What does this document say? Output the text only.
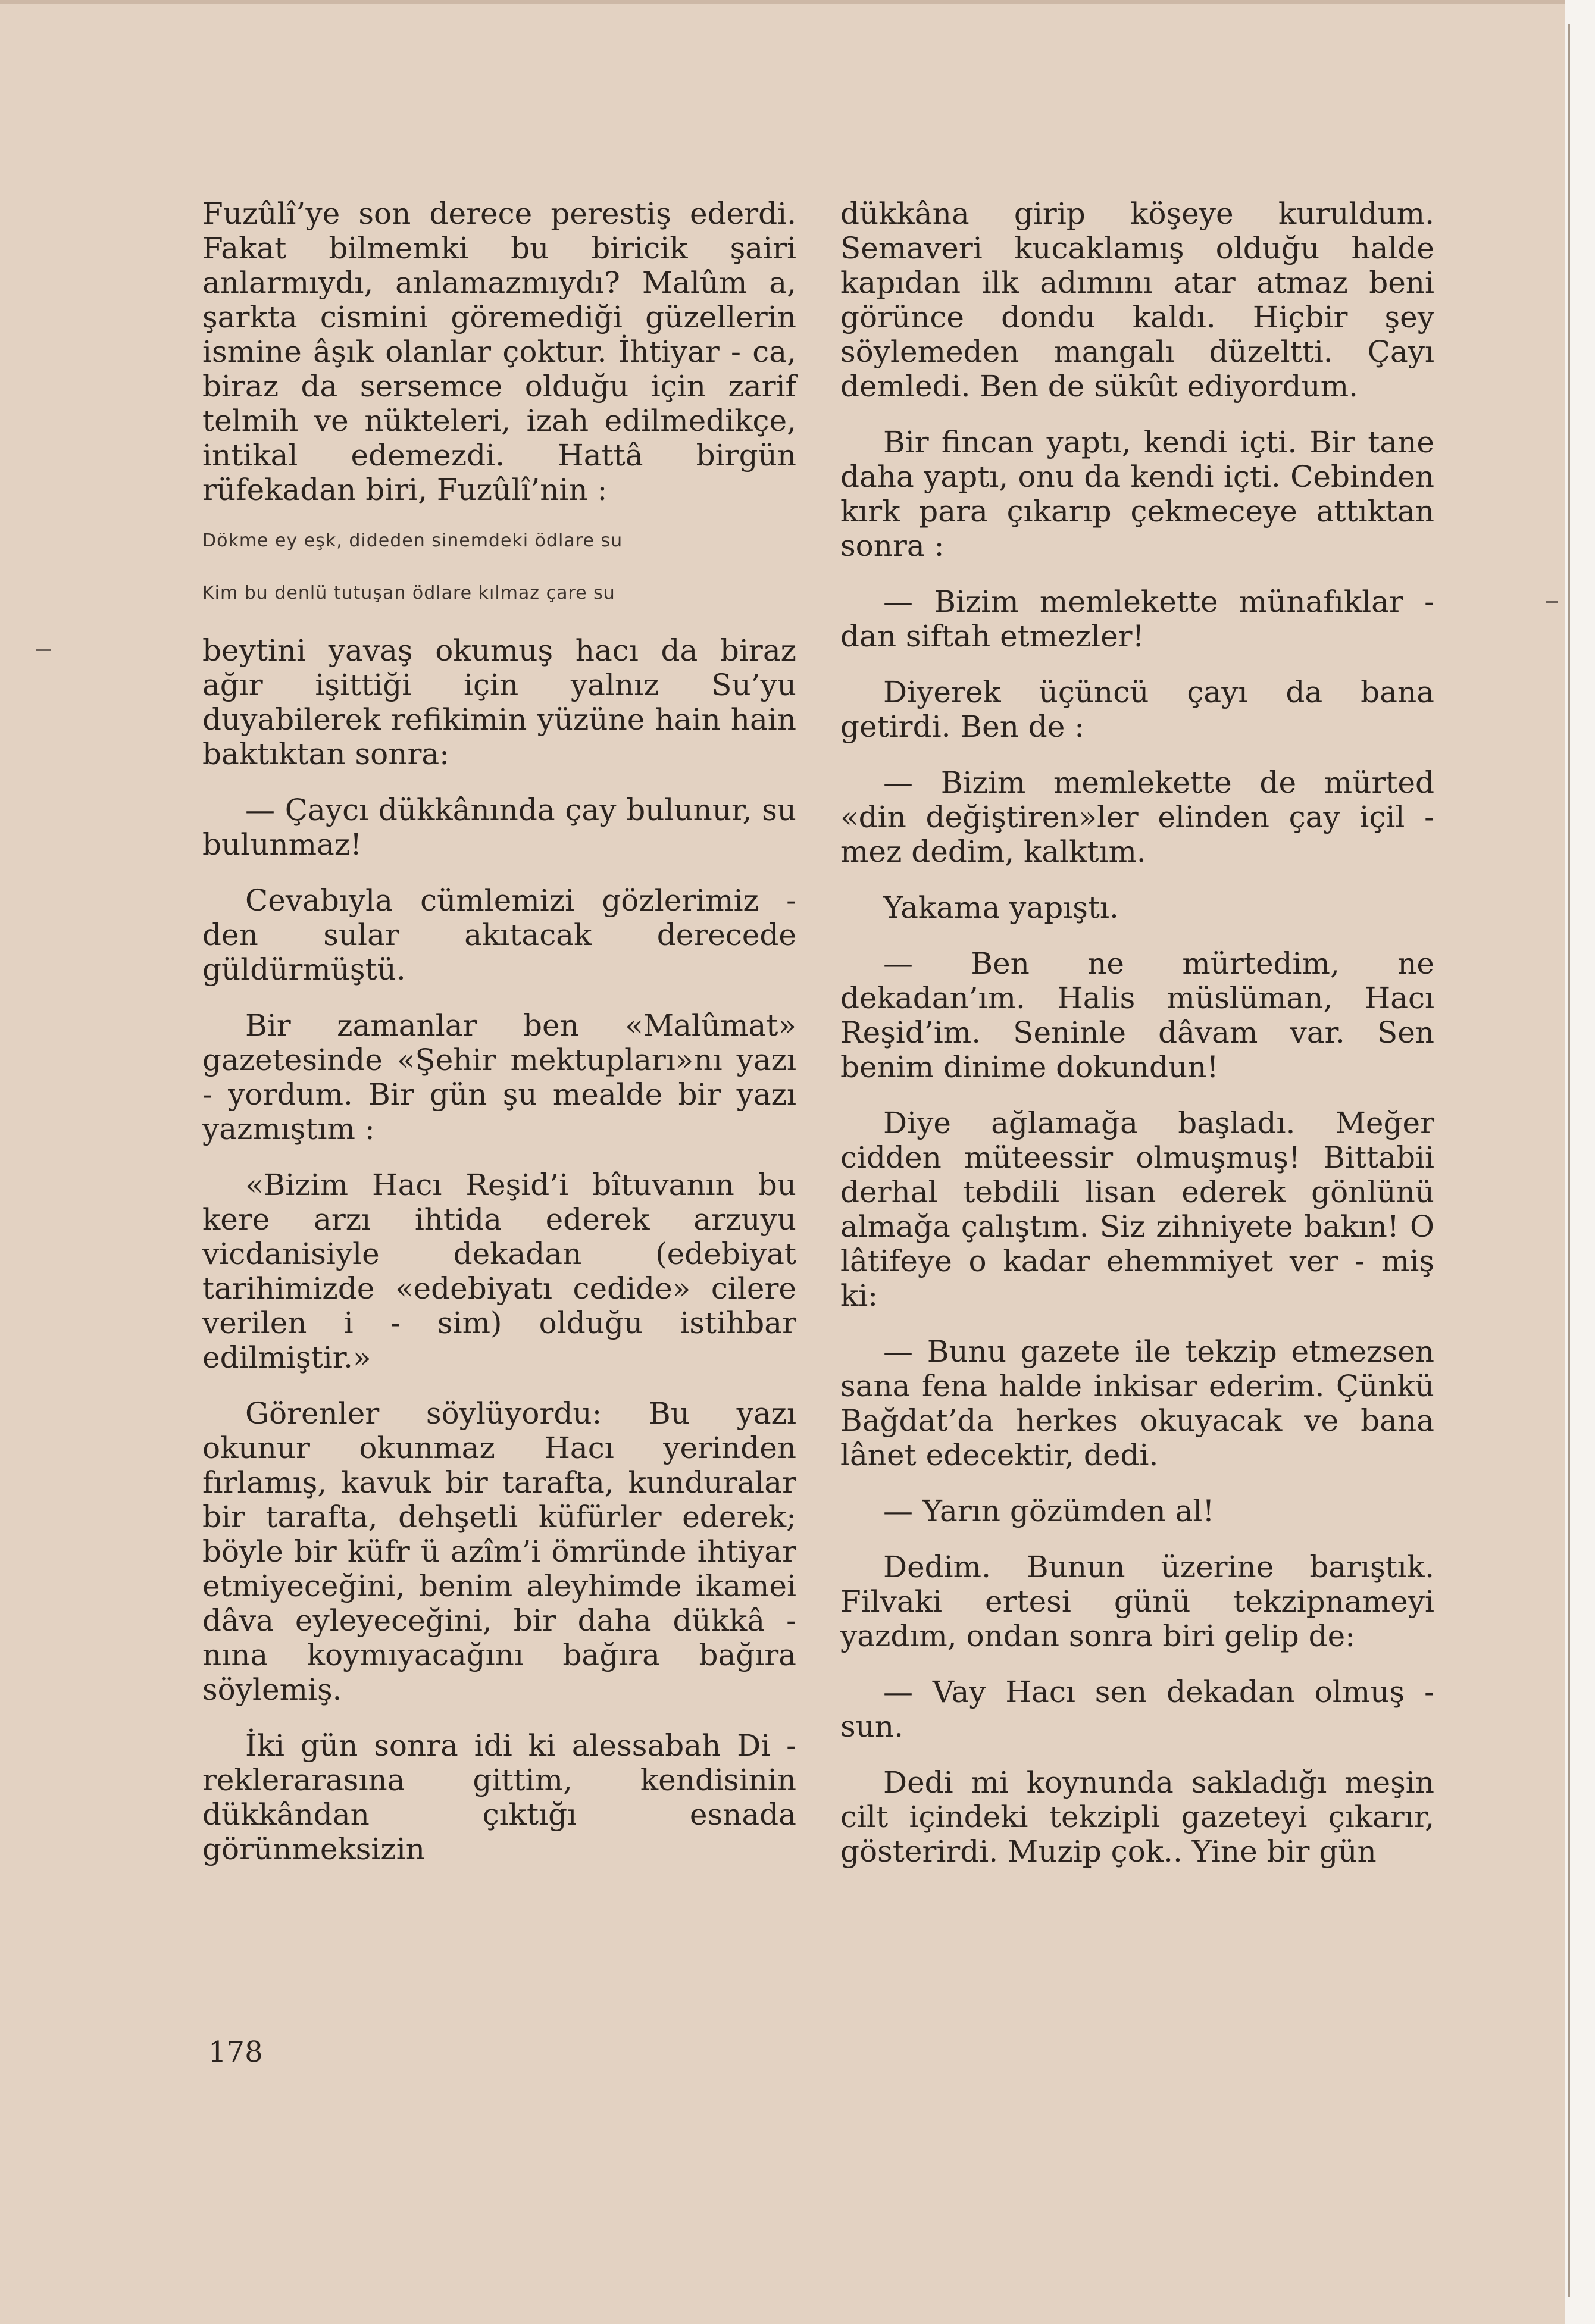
Fuzûlî’ye son derece perestiş ederdi. Fakat bilmemki bu biricik şairi anlarmıydı, anlamazmıydı? Malûm a, şarkta cismini göremediği güzellerin ismine âşık olanlar çoktur. İhtiyar - ca, biraz da sersemce olduğu için zarif telmih ve nükteleri, izah edilmedikçe, intikal edemezdi. Hattâ birgün rüfekadan biri, Fuzûlî’nin :

Dökme ey eşk, dideden sinemdeki ödlare su
Kim bu denlü tutuşan ödlare kılmaz çare su

beytini yavaş okumuş hacı da biraz ağır işittiği için yalnız Su’yu duyabilerek refikimin yüzüne hain hain baktıktan sonra:

— Çaycı dükkânında çay bulunur, su bulunmaz!

Cevabıyla cümlemizi gözlerimiz - den sular akıtacak derecede güldürmüştü.

Bir zamanlar ben «Malûmat» gazetesinde «Şehir mektupları»nı yazı - yordum. Bir gün şu mealde bir yazı yazmıştım :

«Bizim Hacı Reşid’i bîtuvanın bu kere arzı ihtida ederek arzuyu vicdanisiyle dekadan (edebiyat tarihimizde «edebiyatı cedide» cilere verilen i - sim) olduğu istihbar edilmiştir.»

Görenler söylüyordu: Bu yazı okunur okunmaz Hacı yerinden fırlamış, kavuk bir tarafta, kunduralar bir tarafta, dehşetli küfürler ederek; böyle bir küfr ü azîm’i ömründe ihtiyar etmiyeceğini, benim aleyhimde ikamei dâva eyleyeceğini, bir daha dükkâ - nına koymıyacağını bağıra bağıra söylemiş.

İki gün sonra idi ki alessabah Di - reklerarasına gittim, kendisinin dükkândan çıktığı esnada görünmeksizin

dükkâna girip köşeye kuruldum. Semaveri kucaklamış olduğu halde kapıdan ilk adımını atar atmaz beni görünce dondu kaldı. Hiçbir şey söylemeden mangalı düzeltti. Çayı demledi. Ben de sükût ediyordum.

Bir fincan yaptı, kendi içti. Bir tane daha yaptı, onu da kendi içti. Cebinden kırk para çıkarıp çekmeceye attıktan sonra :

— Bizim memlekette münafıklar - dan siftah etmezler!

Diyerek üçüncü çayı da bana getirdi. Ben de :

— Bizim memlekette de mürted «din değiştiren»ler elinden çay içil - mez dedim, kalktım.

Yakama yapıştı.

— Ben ne mürtedim, ne dekadan’ım. Halis müslüman, Hacı Reşid’im. Seninle dâvam var. Sen benim dinime dokundun!

Diye ağlamağa başladı. Meğer cidden müteessir olmuşmuş! Bittabii derhal tebdili lisan ederek gönlünü almağa çalıştım. Siz zihniyete bakın! O lâtifeye o kadar ehemmiyet ver - miş ki:

— Bunu gazete ile tekzip etmezsen sana fena halde inkisar ederim. Çünkü Bağdat’da herkes okuyacak ve bana lânet edecektir, dedi.

— Yarın gözümden al!

Dedim. Bunun üzerine barıştık. Filvaki ertesi günü tekzipnameyi yazdım, ondan sonra biri gelip de:

— Vay Hacı sen dekadan olmuş - sun.

Dedi mi koynunda sakladığı meşin cilt içindeki tekzipli gazeteyi çıkarır, gösterirdi. Muzip çok.. Yine bir gün

178
